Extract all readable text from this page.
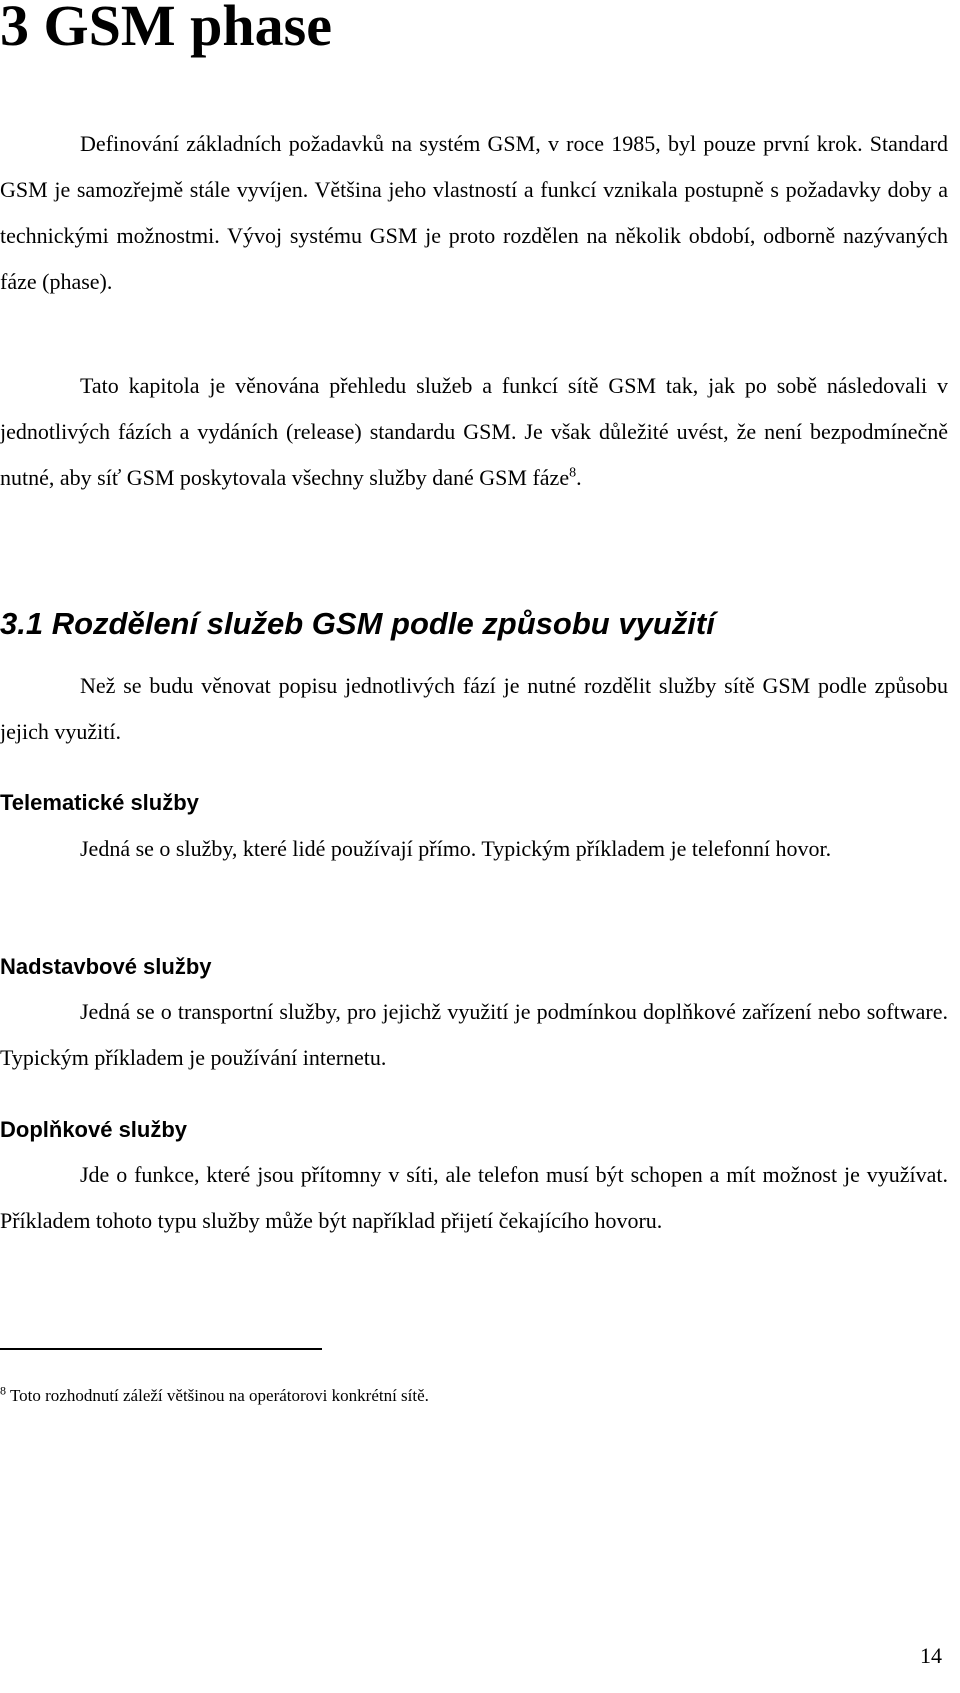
3 GSM phase

Definování základních požadavků na systém GSM, v roce 1985, byl pouze první krok. Standard GSM je samozřejmě stále vyvíjen. Většina jeho vlastností a funkcí vznikala postupně s požadavky doby a technickými možnostmi. Vývoj systému GSM je proto rozdělen na několik období, odborně nazývaných fáze (phase).

Tato kapitola je věnována přehledu služeb a funkcí sítě GSM tak, jak po sobě následovali v jednotlivých fázích a vydáních (release) standardu GSM. Je však důležité uvést, že není bezpodmínečně nutné, aby síť GSM poskytovala všechny služby dané GSM fáze$^8$.

3.1 Rozdělení služeb GSM podle způsobu využití

Než se budu věnovat popisu jednotlivých fází je nutné rozdělit služby sítě GSM podle způsobu jejich využití.

Telematické služby

Jedná se o služby, které lidé používají přímo. Typickým příkladem je telefonní hovor.

Nadstavbové služby

Jedná se o transportní služby, pro jejichž využití je podmínkou doplňkové zařízení nebo software. Typickým příkladem je používání internetu.

Doplňkové služby

Jde o funkce, které jsou přítomny v síti, ale telefon musí být schopen a mít možnost je využívat. Příkladem tohoto typu služby může být například přijetí čekajícího hovoru.

$^8$ Toto rozhodnutí záleží většinou na operátorovi konkrétní sítě.

14
